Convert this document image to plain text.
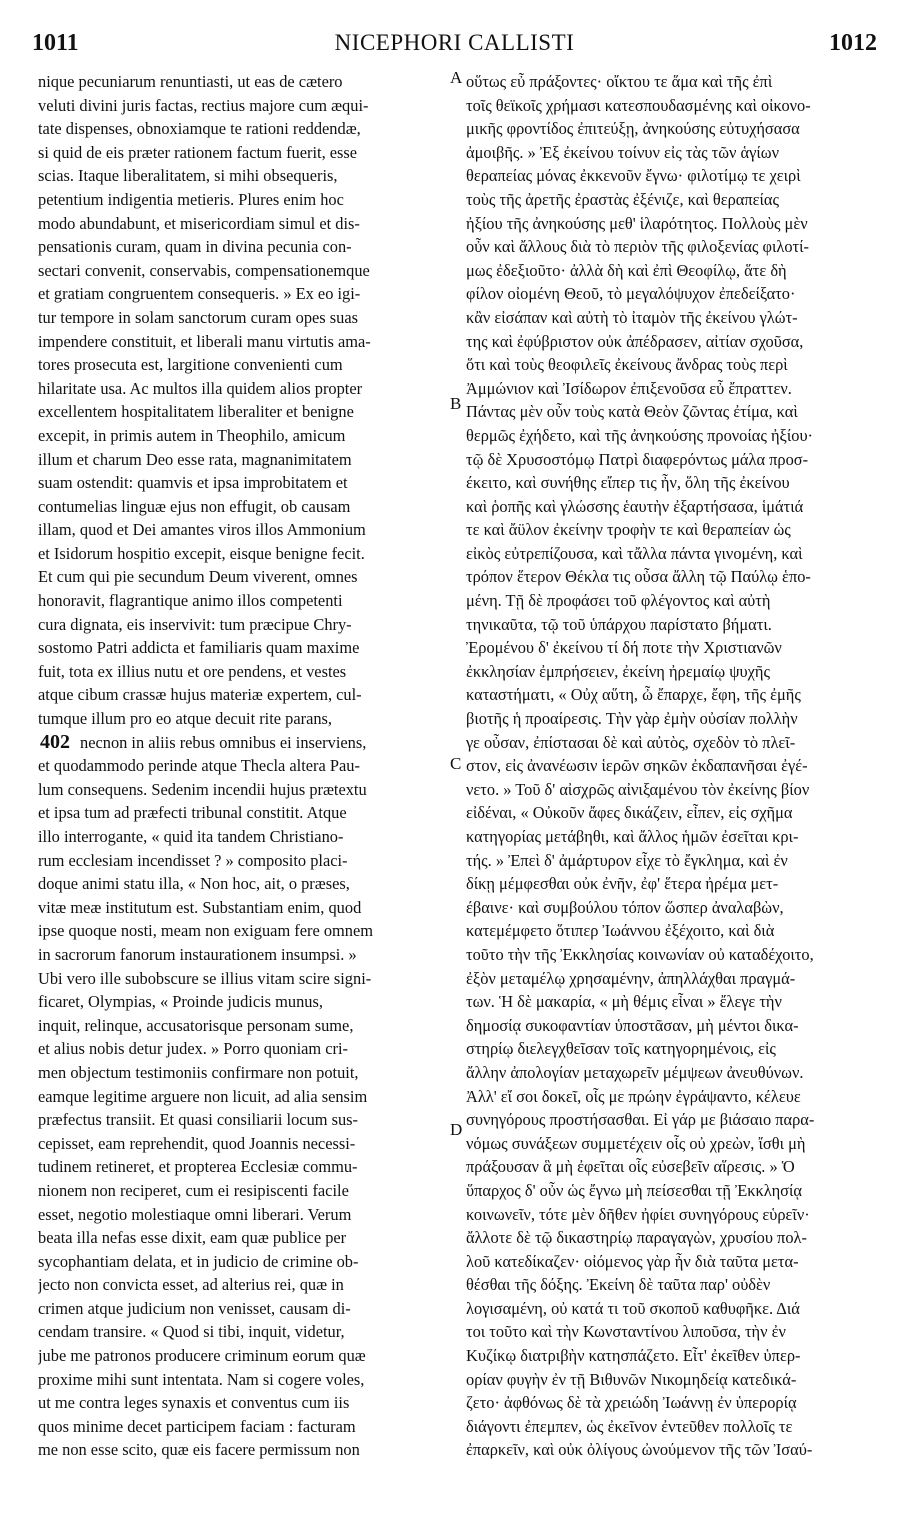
1011	NICEPHORI CALLISTI	1012
nique pecuniarum renuntiasti, ut eas de cætero
veluti divini juris factas, rectius majore cum æqui-
tate dispenses, obnoxiamque te rationi reddendæ,
si quid de eis præter rationem factum fuerit, esse
scias. Itaque liberalitatem, si mihi obsequeris,
petentium indigentia metieris. Plures enim hoc
modo abundabunt, et misericordiam simul et dis-
pensationis curam, quam in divina pecunia con-
sectari convenit, conservabis, compensationemque
et gratiam congruentem consequeris. » Ex eo igi-
tur tempore in solam sanctorum curam opes suas
impendere constituit, et liberali manu virtutis ama-
tores prosecuta est, largitione convenienti cum
hilaritate usa. Ac multos illa quidem alios propter
excellentem hospitalitatem liberaliter et benigne
excepit, in primis autem in Theophilo, amicum
illum et charum Deo esse rata, magnanimitatem
suam ostendit: quamvis et ipsa improbitatem et
contumelias linguæ ejus non effugit, ob causam
illam, quod et Dei amantes viros illos Ammonium
et Isidorum hospitio excepit, eisque benigne fecit.
Et cum qui pie secundum Deum viverent, omnes
honoravit, flagrantique animo illos competenti
cura dignata, eis inservivit: tum præcipue Chry-
sostomo Patri addicta et familiaris quam maxime
fuit, tota ex illius nutu et ore pendens, et vestes
atque cibum crassæ hujus materiæ expertem, cul-
tumque illum pro eo atque decuit rite parans,
necnon in aliis rebus omnibus ei inserviens,
et quodammodo perinde atque Thecla altera Pau-
lum consequens. Sedenim incendii hujus prætextu
et ipsa tum ad præfecti tribunal constitit. Atque
illo interrogante, « quid ita tandem Christiano-
rum ecclesiam incendisset ? » composito placi-
doque animi statu illa, « Non hoc, ait, o præses,
vitæ meæ institutum est. Substantiam enim, quod
ipse quoque nosti, meam non exiguam fere omnem
in sacrorum fanorum instaurationem insumpsi. »
Ubi vero ille subobscure se illius vitam scire signi-
ficaret, Olympias, « Proinde judicis munus,
inquit, relinque, accusatorisque personam sume,
et alius nobis detur judex. » Porro quoniam cri-
men objectum testimoniis confirmare non potuit,
eamque legitime arguere non licuit, ad alia sensim
præfectus transiit. Et quasi consiliarii locum sus-
cepisset, eam reprehendit, quod Joannis necessi-
tudinem retineret, et propterea Ecclesiæ commu-
nionem non reciperet, cum ei resipiscenti facile
esset, negotio molestiaque omni liberari. Verum
beata illa nefas esse dixit, eam quæ publice per
sycophantiam delata, et in judicio de crimine ob-
jecto non convicta esset, ad alterius rei, quæ in
crimen atque judicium non venisset, causam di-
cendam transire. « Quod si tibi, inquit, videtur,
jube me patronos producere criminum eorum quæ
proxime mihi sunt intentata. Nam si cogere voles,
ut me contra leges synaxis et conventus cum iis
quos minime decet participem faciam : facturam
me non esse scito, quæ eis facere permissum non
οὕτως εὖ πράξοντες· οἴκτου τε ἅμα καὶ τῆς ἐπὶ
τοῖς θεϊκοῖς χρήμασι κατεσπουδασμένης καὶ οἰκονο-
μικῆς φροντίδος ἐπιτεύξῃ, ἀνηκούσης εὐτυχήσασα
ἀμοιβῆς. » Ἐξ ἐκείνου τοίνυν εἰς τὰς τῶν ἁγίων
θεραπείας μόνας ἐκκενοῦν ἔγνω· φιλοτίμῳ τε χειρὶ
τοὺς τῆς ἀρετῆς ἐραστὰς ἐξένιζε, καὶ θεραπείας
ἠξίου τῆς ἀνηκούσης μεθ' ἱλαρότητος. Πολλοὺς μὲν
οὖν καὶ ἄλλους διὰ τὸ περιὸν τῆς φιλοξενίας φιλοτί-
μως ἐδεξιοῦτο· ἀλλὰ δὴ καὶ ἐπὶ Θεοφίλῳ, ἅτε δὴ
φίλον οἰομένη Θεοῦ, τὸ μεγαλόψυχον ἐπεδείξατο·
κἂν εἰσάπαν καὶ αὐτὴ τὸ ἰταμὸν τῆς ἐκείνου γλώτ-
της καὶ ἐφύβριστον οὐκ ἀπέδρασεν, αἰτίαν σχοῦσα,
ὅτι καὶ τοὺς θεοφιλεῖς ἐκείνους ἄνδρας τοὺς περὶ
Ἀμμώνιον καὶ Ἰσίδωρον ἐπιξενοῦσα εὖ ἔπραττεν.
Πάντας μὲν οὖν τοὺς κατὰ Θεὸν ζῶντας ἐτίμα, καὶ
θερμῶς ἐχήδετο, καὶ τῆς ἀνηκούσης προνοίας ἠξίου·
τῷ δὲ Χρυσοστόμῳ Πατρὶ διαφερόντως μάλα προσ-
έκειτο, καὶ συνήθης εἴπερ τις ἦν, ὅλη τῆς ἐκείνου
καὶ ῥοπῆς καὶ γλώσσης ἑαυτὴν ἐξαρτήσασα, ἱμάτιά
τε καὶ ἄϋλον ἐκείνην τροφὴν τε καὶ θεραπείαν ὡς
εἰκὸς εὐτρεπίζουσα, καὶ τἄλλα πάντα γινομένη, καὶ
τρόπον ἕτερον Θέκλα τις οὖσα ἄλλη τῷ Παύλῳ ἑπο-
μένη. Τῇ δὲ προφάσει τοῦ φλέγοντος καὶ αὐτὴ
τηνικαῦτα, τῷ τοῦ ὑπάρχου παρίστατο βήματι.
Ἐρομένου δ' ἐκείνου τί δή ποτε τὴν Χριστιανῶν
ἐκκλησίαν ἐμπρήσειεν, ἐκείνη ἠρεμαίῳ ψυχῆς
καταστήματι, « Οὐχ αὕτη, ὦ ἔπαρχε, ἔφη, τῆς ἐμῆς
βιοτῆς ἡ προαίρεσις. Τὴν γὰρ ἐμὴν οὐσίαν πολλὴν
γε οὖσαν, ἐπίστασαι δὲ καὶ αὐτὸς, σχεδὸν τὸ πλεῖ-
στον, εἰς ἀνανέωσιν ἱερῶν σηκῶν ἐκδαπανῆσαι ἐγέ-
νετο. » Τοῦ δ' αἰσχρῶς αἰνιξαμένου τὸν ἐκείνης βίον
εἰδέναι, « Οὐκοῦν ἄφες δικάζειν, εἶπεν, εἰς σχῆμα
κατηγορίας μετάβηθι, καὶ ἄλλος ἡμῶν ἐσεῖται κρι-
τής. » Ἐπεὶ δ' ἀμάρτυρον εἶχε τὸ ἔγκλημα, καὶ ἐν
δίκῃ μέμφεσθαι οὐκ ἐνῆν, ἐφ' ἕτερα ἠρέμα μετ-
έβαινε· καὶ συμβούλου τόπον ὥσπερ ἀναλαβὼν,
κατεμέμφετο ὅτιπερ Ἰωάννου ἐξέχοιτο, καὶ διὰ
τοῦτο τὴν τῆς Ἐκκλησίας κοινωνίαν οὐ καταδέχοιτο,
ἐξὸν μεταμέλῳ χρησαμένην, ἀπηλλάχθαι πραγμά-
των. Ἡ δὲ μακαρία, « μὴ θέμις εἶναι » ἔλεγε τὴν
δημοσίᾳ συκοφαντίαν ὑποστᾶσαν, μὴ μέντοι δικα-
στηρίῳ διελεγχθεῖσαν τοῖς κατηγορημένοις, εἰς
ἄλλην ἀπολογίαν μεταχωρεῖν μέμψεων ἀνευθύνων.
Ἀλλ' εἴ σοι δοκεῖ, οἷς με πρώην ἐγράψαντο, κέλευε
συνηγόρους προστήσασθαι. Εἰ γάρ με βιάσαιο παρα-
νόμως συνάξεων συμμετέχειν οἷς οὐ χρεὼν, ἴσθι μὴ
πράξουσαν ἃ μὴ ἐφεῖται οἷς εὐσεβεῖν αἵρεσις. » Ὁ
ὕπαρχος δ' οὖν ὡς ἔγνω μὴ πείσεσθαι τῇ Ἐκκλησίᾳ
κοινωνεῖν, τότε μὲν δῆθεν ἠφίει συνηγόρους εὑρεῖν·
ἄλλοτε δὲ τῷ δικαστηρίῳ παραγαγὼν, χρυσίου πολ-
λοῦ κατεδίκαζεν· οἰόμενος γὰρ ἦν διὰ ταῦτα μετα-
θέσθαι τῆς δόξης. Ἐκείνη δὲ ταῦτα παρ' οὐδὲν
λογισαμένη, οὐ κατά τι τοῦ σκοποῦ καθυφῆκε. Διά
τοι τοῦτο καὶ τὴν Κωνσταντίνου λιποῦσα, τὴν ἐν
Κυζίκῳ διατριβὴν κατησπάζετο. Εἶτ' ἐκεῖθεν ὑπερ-
ορίαν φυγὴν ἐν τῇ Βιθυνῶν Νικομηδείᾳ κατεδικά-
ζετο· ἀφθόνως δὲ τὰ χρειώδη Ἰωάννῃ ἐν ὑπερορίᾳ
διάγοντι ἐπεμπεν, ὡς ἐκεῖνον ἐντεῦθεν πολλοῖς τε
ἐπαρκεῖν, καὶ οὐκ ὀλίγους ὠνούμενον τῆς τῶν Ἰσαύ-
A
B
C
D
402
